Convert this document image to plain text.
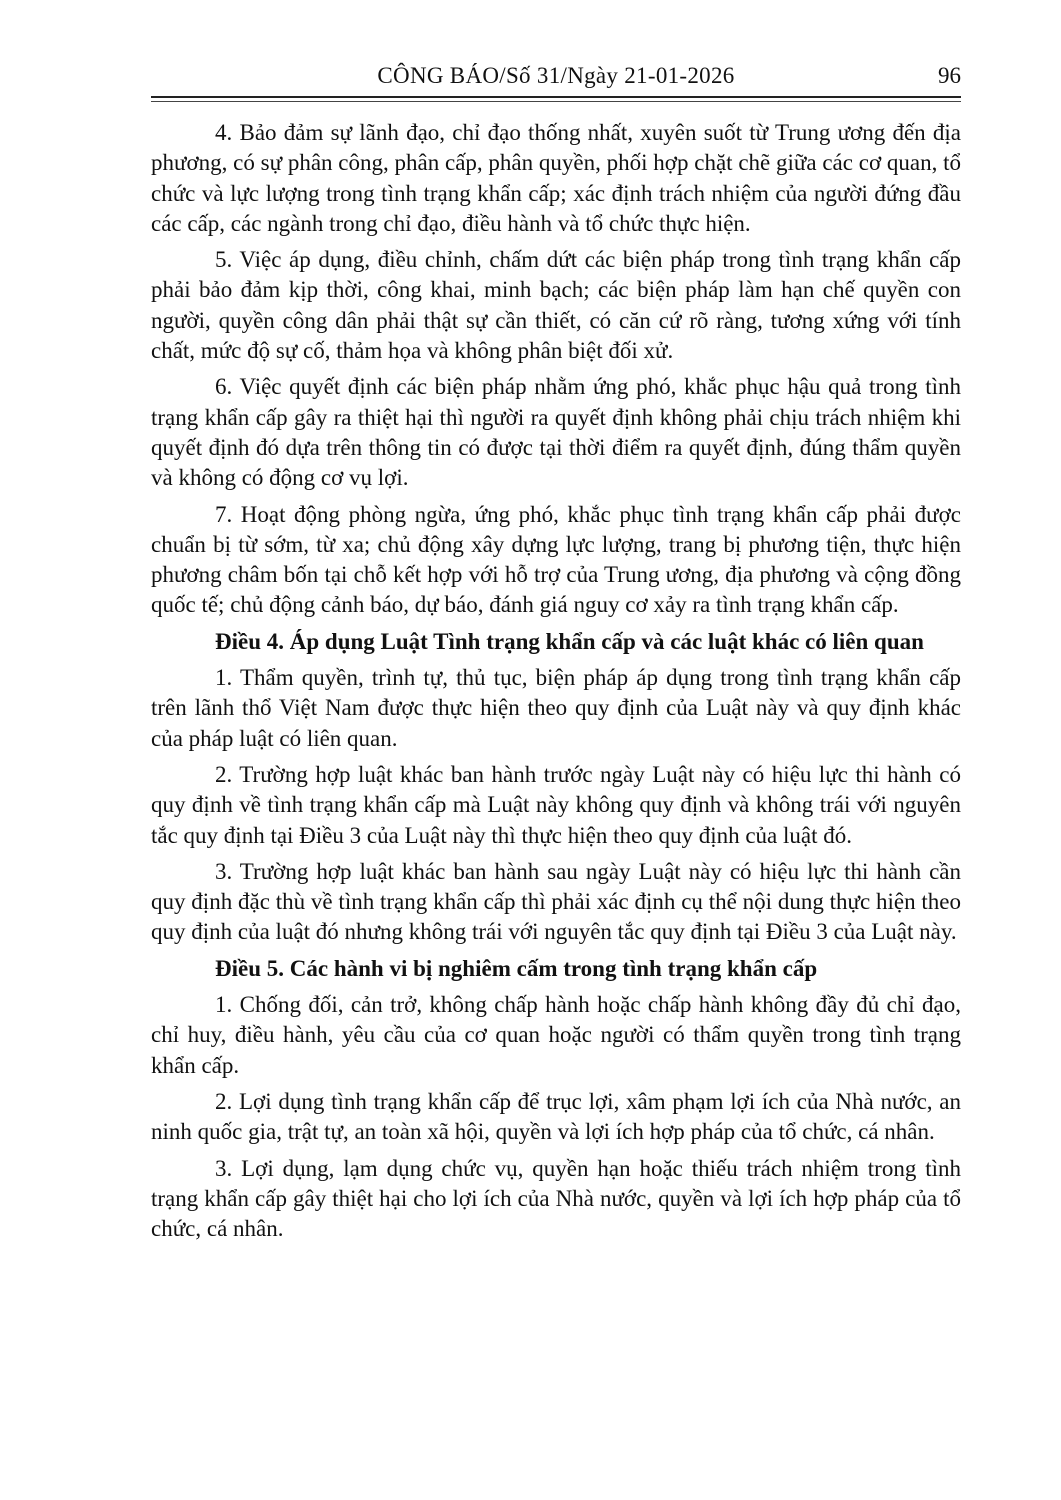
CÔNG BÁO/Số 31/Ngày 21-01-2026	96

4. Bảo đảm sự lãnh đạo, chỉ đạo thống nhất, xuyên suốt từ Trung ương đến địa phương, có sự phân công, phân cấp, phân quyền, phối hợp chặt chẽ giữa các cơ quan, tổ chức và lực lượng trong tình trạng khẩn cấp; xác định trách nhiệm của người đứng đầu các cấp, các ngành trong chỉ đạo, điều hành và tổ chức thực hiện.

5. Việc áp dụng, điều chỉnh, chấm dứt các biện pháp trong tình trạng khẩn cấp phải bảo đảm kịp thời, công khai, minh bạch; các biện pháp làm hạn chế quyền con người, quyền công dân phải thật sự cần thiết, có căn cứ rõ ràng, tương xứng với tính chất, mức độ sự cố, thảm họa và không phân biệt đối xử.

6. Việc quyết định các biện pháp nhằm ứng phó, khắc phục hậu quả trong tình trạng khẩn cấp gây ra thiệt hại thì người ra quyết định không phải chịu trách nhiệm khi quyết định đó dựa trên thông tin có được tại thời điểm ra quyết định, đúng thẩm quyền và không có động cơ vụ lợi.

7. Hoạt động phòng ngừa, ứng phó, khắc phục tình trạng khẩn cấp phải được chuẩn bị từ sớm, từ xa; chủ động xây dựng lực lượng, trang bị phương tiện, thực hiện phương châm bốn tại chỗ kết hợp với hỗ trợ của Trung ương, địa phương và cộng đồng quốc tế; chủ động cảnh báo, dự báo, đánh giá nguy cơ xảy ra tình trạng khẩn cấp.

Điều 4. Áp dụng Luật Tình trạng khẩn cấp và các luật khác có liên quan

1. Thẩm quyền, trình tự, thủ tục, biện pháp áp dụng trong tình trạng khẩn cấp trên lãnh thổ Việt Nam được thực hiện theo quy định của Luật này và quy định khác của pháp luật có liên quan.

2. Trường hợp luật khác ban hành trước ngày Luật này có hiệu lực thi hành có quy định về tình trạng khẩn cấp mà Luật này không quy định và không trái với nguyên tắc quy định tại Điều 3 của Luật này thì thực hiện theo quy định của luật đó.

3. Trường hợp luật khác ban hành sau ngày Luật này có hiệu lực thi hành cần quy định đặc thù về tình trạng khẩn cấp thì phải xác định cụ thể nội dung thực hiện theo quy định của luật đó nhưng không trái với nguyên tắc quy định tại Điều 3 của Luật này.

Điều 5. Các hành vi bị nghiêm cấm trong tình trạng khẩn cấp

1. Chống đối, cản trở, không chấp hành hoặc chấp hành không đầy đủ chỉ đạo, chỉ huy, điều hành, yêu cầu của cơ quan hoặc người có thẩm quyền trong tình trạng khẩn cấp.

2. Lợi dụng tình trạng khẩn cấp để trục lợi, xâm phạm lợi ích của Nhà nước, an ninh quốc gia, trật tự, an toàn xã hội, quyền và lợi ích hợp pháp của tổ chức, cá nhân.

3. Lợi dụng, lạm dụng chức vụ, quyền hạn hoặc thiếu trách nhiệm trong tình trạng khẩn cấp gây thiệt hại cho lợi ích của Nhà nước, quyền và lợi ích hợp pháp của tổ chức, cá nhân.
